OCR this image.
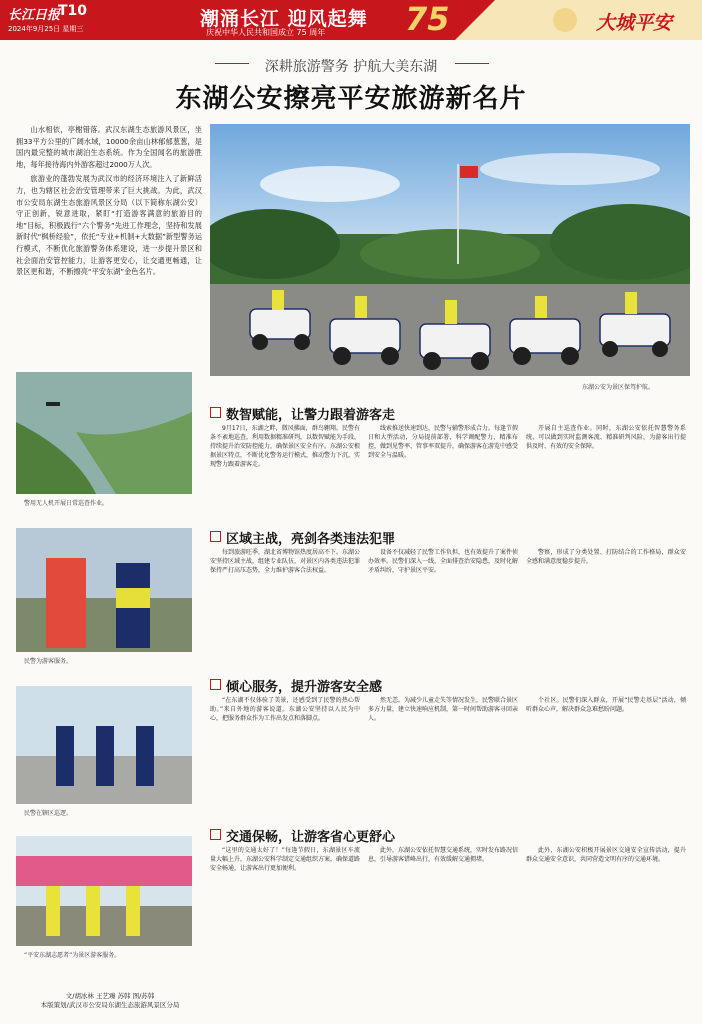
长江日报
T10
2024年9月25日 星期三	潮涌长江 迎风起舞 75
庆祝中华人民共和国成立 75 周年	大城平安
深耕旅游警务 护航大美东湖
东湖公安擦亮平安旅游新名片

山水相依，亭榭错落。武汉东湖生态旅游风景区，坐拥33平方公里的广阔水域，10000余亩山林郁郁葱葱，是国内最完整的城市湖泊生态系统。作为全国闻名的旅游胜地，每年接待海内外游客超过2000万人次。

旅游业的蓬勃发展为武汉市的经济环境注入了新鲜活力，也为辖区社会治安管理带来了巨大挑战。为此，武汉市公安局东湖生态旅游风景区分局（以下简称东湖公安）守正创新，锐意进取，紧盯“打造游客满意的旅游目的地”目标，积极践行“六个警务”先进工作理念，坚持和发展新时代“枫桥经验”，依托“专业+机制+大数据”新型警务运行模式，不断优化旅游警务体系建设，进一步提升景区和社会面治安管控能力，让游客更安心，让交通更畅通，让景区更和谐，不断擦亮“平安东湖”金色名片。

东湖公安为景区保驾护航。
警用无人机开展日常巡查作业。
民警为游客服务。
民警在辖区巡逻。
“平安东湖志愿者”为景区游客服务。
数智赋能，让警力跟着游客走
9月17日，东湖之畔，微风拂面，群鸟翱翔。民警有条不紊地巡查，利用数据精准研判，以数智赋能为手段，持续提升治安防控能力，确保景区安全有序。东湖公安根据景区特点，不断优化警务运行模式，推动警力下沉，实现警力跟着游客走。
线索推送快速到达，民警与辅警形成合力。每逢节假日和大型活动，分局提前部署，科学调配警力，精准布控，做到见警率、管事率双提升，确保游客在游览中感受到安全与温暖。
开展自主巡查作业。同时，东湖公安依托智慧警务系统，可以做到实时监测客流、精准研判风险，为游客出行提供及时、有效的安全保障。
区域主战，亮剑各类违法犯罪
每到旅游旺季，湖北省博物馆热度居高不下。东湖公安坚持区域主战，组建专业队伍，对景区内各类违法犯罪保持严打高压态势，全力维护游客合法权益。
设备不仅减轻了民警工作负担，也有效提升了案件侦办效率。民警们深入一线，全面排查治安隐患，及时化解矛盾纠纷，守护景区平安。
警察，形成了分类处置、打防结合的工作格局，群众安全感和满意度稳步提升。
倾心服务，提升游客安全感
“在东湖不仅体验了美景，还感受到了民警的热心帮助。”来自外地的游客说道。东湖公安坚持以人民为中心，把服务群众作为工作出发点和落脚点。
然无恙。为减少儿童走失等情况发生，民警联合景区多方力量，建立快速响应机制，第一时间帮助游客寻回亲人。
个社区。民警们深入群众，开展“民警走基层”活动，倾听群众心声，解决群众急难愁盼问题。
交通保畅，让游客省心更舒心
“这里的交通太好了！”每逢节假日，东湖景区车流量大幅上升，东湖公安科学制定交通组织方案，确保道路安全畅通，让游客出行更加便利。
此外，东湖公安依托智慧交通系统，实时发布路况信息，引导游客错峰出行，有效缓解交通拥堵。
此外，东湖公安积极开展景区交通安全宣传活动，提升群众交通安全意识，共同营造文明有序的交通环境。
文/胡冰林 王艺臻 苏韩 图/苏韩
本版策划/武汉市公安局东湖生态旅游风景区分局
